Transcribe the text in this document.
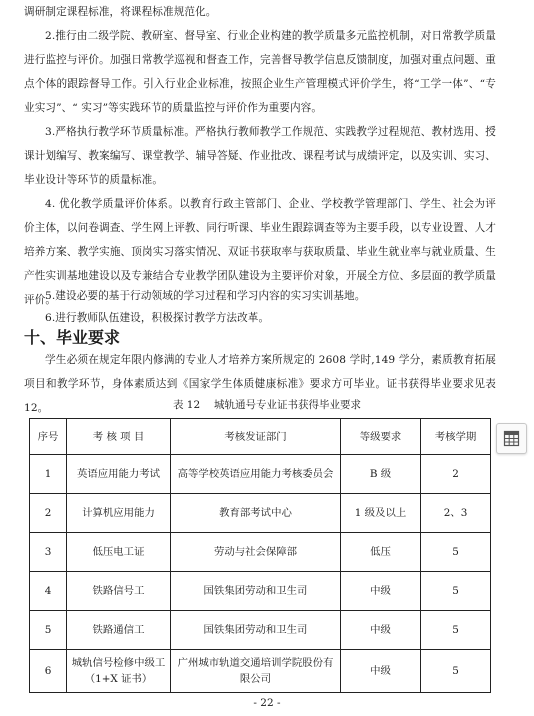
调研制定课程标准，将课程标准规范化。
2.推行由二级学院、教研室、督导室、行业企业构建的教学质量多元监控机制，对日常教学质量进行监控与评价。加强日常教学巡视和督查工作，完善督导教学信息反馈制度，加强对重点问题、重点个体的跟踪督导工作。引入行业企业标准，按照企业生产管理模式评价学生，将“工学一体”、“专业实习”、“ 实习”等实践环节的质量监控与评价作为重要内容。
3.严格执行教学环节质量标准。严格执行教师教学工作规范、实践教学过程规范、教材选用、授课计划编写、教案编写、课堂教学、辅导答疑、作业批改、课程考试与成绩评定，以及实训、实习、毕业设计等环节的质量标准。
4. 优化教学质量评价体系。以教育行政主管部门、企业、学校教学管理部门、学生、社会为评价主体，以问卷调查、学生网上评教、同行听课、毕业生跟踪调查等为主要手段，以专业设置、人才培养方案、教学实施、顶岗实习落实情况、双证书获取率与获取质量、毕业生就业率与就业质量、生产性实训基地建设以及专兼结合专业教学团队建设为主要评价对象，开展全方位、多层面的教学质量评价。
5.建设必要的基于行动领域的学习过程和学习内容的实习实训基地。
6.进行教师队伍建设，积极探讨教学方法改革。
十、毕业要求
学生必须在规定年限内修满的专业人才培养方案所规定的 2608 学时,149 学分，素质教育拓展项目和教学环节，身体素质达到《国家学生体质健康标准》要求方可毕业。证书获得毕业要求见表 12。	表 12　 城轨通号专业证书获得毕业要求
序号	考 核 项 目	考核发证部门	等级要求	考核学期
1	英语应用能力考试	高等学校英语应用能力考核委员会	B 级	2
2	计算机应用能力	教育部考试中心	1 级及以上	2、3
3	低压电工证	劳动与社会保障部	低压	5
4	铁路信号工	国铁集团劳动和卫生司	中级	5
5	铁路通信工	国铁集团劳动和卫生司	中级	5
6	城轨信号检修中级工（1+X 证书）	广州城市轨道交通培训学院股份有限公司	中级	5
- 22 -
